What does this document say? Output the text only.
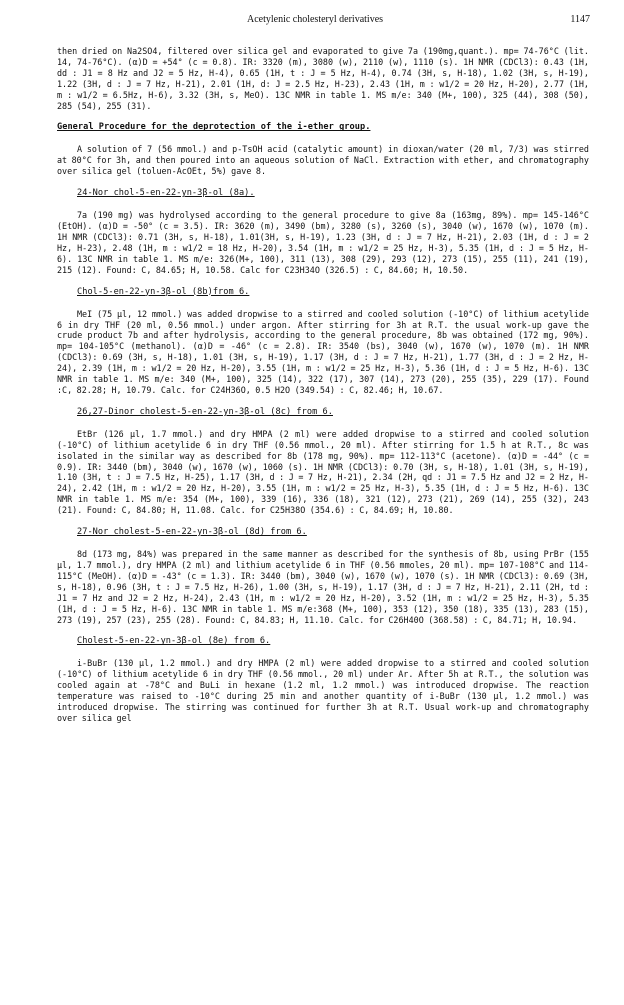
Acetylenic cholesteryl derivatives	1147

then dried on Na2SO4, filtered over silica gel and evaporated to give 7a (190mg,quant.). mp= 74-76°C (lit. 14, 74-76°C). (α)D = +54° (c = 0.8). IR: 3320 (m), 3080 (w), 2110 (w), 1110 (s). 1H NMR (CDCl3): 0.43 (1H, dd : J1 = 8 Hz and J2 = 5 Hz, H-4), 0.65 (1H, t : J = 5 Hz, H-4), 0.74 (3H, s, H-18), 1.02 (3H, s, H-19), 1.22 (3H, d : J = 7 Hz, H-21), 2.01 (1H, d: J = 2.5 Hz, H-23), 2.43 (1H, m : w1/2 = 20 Hz, H-20), 2.77 (1H, m : w1/2 = 6.5Hz, H-6), 3.32 (3H, s, MeO). 13C NMR in table 1. MS m/e: 340 (M+, 100), 325 (44), 308 (50), 285 (54), 255 (31).

General Procedure for the deprotection of the i-ether group.

A solution of 7 (56 mmol.) and p-TsOH acid (catalytic amount) in dioxan/water (20 ml, 7/3) was stirred at 80°C for 3h, and then poured into an aqueous solution of NaCl. Extraction with ether, and chromatography over silica gel (toluen-AcOEt, 5%) gave 8.

24-Nor chol-5-en-22-yn-3β-ol (8a).

7a (190 mg) was hydrolysed according to the general procedure to give 8a (163mg, 89%). mp= 145-146°C (EtOH). (α)D = -50° (c = 3.5). IR: 3620 (m), 3490 (bm), 3280 (s), 3260 (s), 3040 (w), 1670 (w), 1070 (m). 1H NMR (CDCl3): 0.71 (3H, s, H-18), 1.01(3H, s, H-19), 1.23 (3H, d : J = 7 Hz, H-21), 2.03 (1H, d : J = 2 Hz, H-23), 2.48 (1H, m : w1/2 = 18 Hz, H-20), 3.54 (1H, m : w1/2 = 25 Hz, H-3), 5.35 (1H, d : J = 5 Hz, H-6). 13C NMR in table 1. MS m/e: 326(M+, 100), 311 (13), 308 (29), 293 (12), 273 (15), 255 (11), 241 (19), 215 (12). Found: C, 84.65; H, 10.58. Calc for C23H34O (326.5) : C, 84.60; H, 10.50.

Chol-5-en-22-yn-3β-ol (8b)from 6.

MeI (75 µl, 12 mmol.) was added dropwise to a stirred and cooled solution (-10°C) of lithium acetylide 6 in dry THF (20 ml, 0.56 mmol.) under argon. After stirring for 3h at R.T. the usual work-up gave the crude product 7b and after hydrolysis, according to the general procedure, 8b was obtained (172 mg, 90%). mp= 104-105°C (methanol). (α)D = -46° (c = 2.8). IR: 3540 (bs), 3040 (w), 1670 (w), 1070 (m). 1H NMR (CDCl3): 0.69 (3H, s, H-18), 1.01 (3H, s, H-19), 1.17 (3H, d : J = 7 Hz, H-21), 1.77 (3H, d : J = 2 Hz, H-24), 2.39 (1H, m : w1/2 = 20 Hz, H-20), 3.55 (1H, m : w1/2 = 25 Hz, H-3), 5.36 (1H, d : J = 5 Hz, H-6). 13C NMR in table 1. MS m/e: 340 (M+, 100), 325 (14), 322 (17), 307 (14), 273 (20), 255 (35), 229 (17). Found :C, 82.28; H, 10.79. Calc. for C24H36O, 0.5 H2O (349.54) : C, 82.46; H, 10.67.

26,27-Dinor cholest-5-en-22-yn-3β-ol (8c) from 6.

EtBr (126 µl, 1.7 mmol.) and dry HMPA (2 ml) were added dropwise to a stirred and cooled solution (-10°C) of lithium acetylide 6 in dry THF (0.56 mmol., 20 ml). After stirring for 1.5 h at R.T., 8c was isolated in the similar way as described for 8b (178 mg, 90%). mp= 112-113°C (acetone). (α)D = -44° (c = 0.9). IR: 3440 (bm), 3040 (w), 1670 (w), 1060 (s). 1H NMR (CDCl3): 0.70 (3H, s, H-18), 1.01 (3H, s, H-19), 1.10 (3H, t : J = 7.5 Hz, H-25), 1.17 (3H, d : J = 7 Hz, H-21), 2.34 (2H, qd : J1 = 7.5 Hz and J2 = 2 Hz, H-24), 2.42 (1H, m : w1/2 = 20 Hz, H-20), 3.55 (1H, m : w1/2 = 25 Hz, H-3), 5.35 (1H, d : J = 5 Hz, H-6). 13C NMR in table 1. MS m/e: 354 (M+, 100), 339 (16), 336 (18), 321 (12), 273 (21), 269 (14), 255 (32), 243 (21). Found: C, 84.80; H, 11.08. Calc. for C25H38O (354.6) : C, 84.69; H, 10.80.

27-Nor cholest-5-en-22-yn-3β-ol (8d) from 6.

8d (173 mg, 84%) was prepared in the same manner as described for the synthesis of 8b, using PrBr (155 µl, 1.7 mmol.), dry HMPA (2 ml) and lithium acetylide 6 in THF (0.56 mmoles, 20 ml). mp= 107-108°C and 114-115°C (MeOH). (α)D = -43° (c = 1.3). IR: 3440 (bm), 3040 (w), 1670 (w), 1070 (s). 1H NMR (CDCl3): 0.69 (3H, s, H-18), 0.96 (3H, t : J = 7.5 Hz, H-26), 1.00 (3H, s, H-19), 1.17 (3H, d : J = 7 Hz, H-21), 2.11 (2H, td : J1 = 7 Hz and J2 = 2 Hz, H-24), 2.43 (1H, m : w1/2 = 20 Hz, H-20), 3.52 (1H, m : w1/2 = 25 Hz, H-3), 5.35 (1H, d : J = 5 Hz, H-6). 13C NMR in table 1. MS m/e:368 (M+, 100), 353 (12), 350 (18), 335 (13), 283 (15), 273 (19), 257 (23), 255 (28). Found: C, 84.83; H, 11.10. Calc. for C26H40O (368.58) : C, 84.71; H, 10.94.

Cholest-5-en-22-yn-3β-ol (8e) from 6.

i-BuBr (130 µl, 1.2 mmol.) and dry HMPA (2 ml) were added dropwise to a stirred and cooled solution (-10°C) of lithium acetylide 6 in dry THF (0.56 mmol., 20 ml) under Ar. After 5h at R.T., the solution was cooled again at -78°C and BuLi in hexane (1.2 ml, 1.2 mmol.) was introduced dropwise. The reaction temperature was raised to -10°C during 25 min and another quantity of i-BuBr (130 µl, 1.2 mmol.) was introduced dropwise. The stirring was continued for further 3h at R.T. Usual work-up and chromatography over silica gel
